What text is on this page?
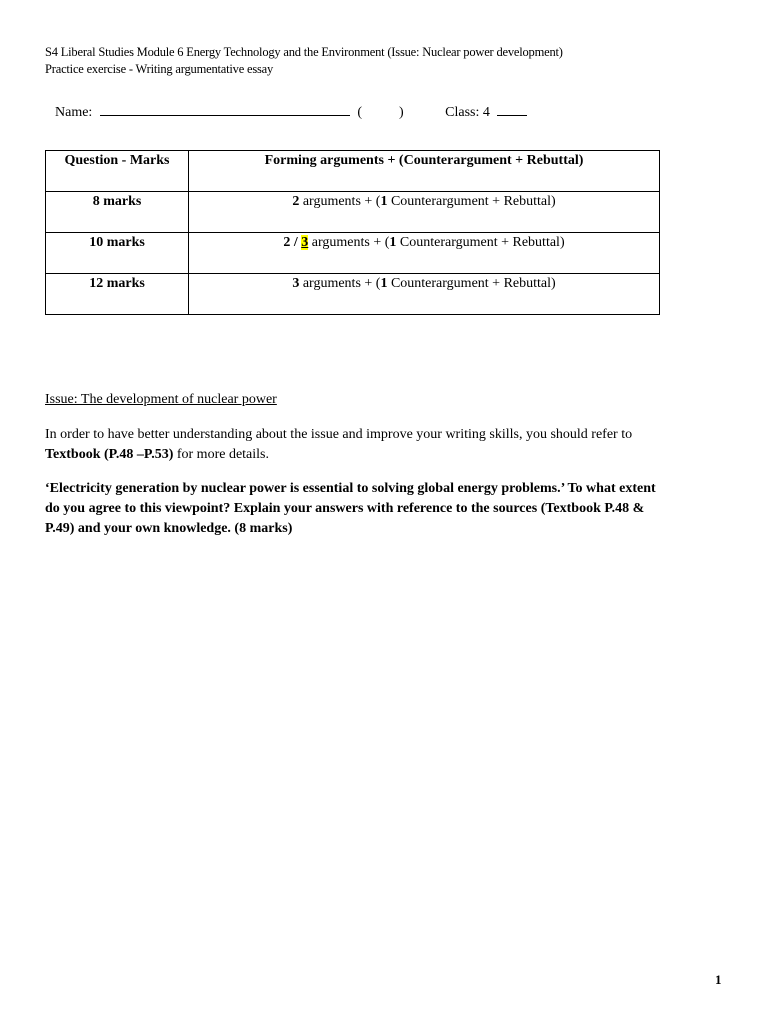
S4 Liberal Studies Module 6 Energy Technology and the Environment (Issue: Nuclear power development)
Practice exercise - Writing argumentative essay
Name:	(	)	Class: 4
Question - Marks	Forming arguments + (Counterargument + Rebuttal)
8 marks	2 arguments + (1 Counterargument + Rebuttal)
10 marks	2 / 3 arguments + (1 Counterargument + Rebuttal)
12 marks	3 arguments + (1 Counterargument + Rebuttal)
Issue: The development of nuclear power
In order to have better understanding about the issue and improve your writing skills, you should refer to
Textbook (P.48 –P.53) for more details.
‘Electricity generation by nuclear power is essential to solving global energy problems.’ To what extent
do you agree to this viewpoint? Explain your answers with reference to the sources (Textbook P.48 &
P.49) and your own knowledge. (8 marks)
1
